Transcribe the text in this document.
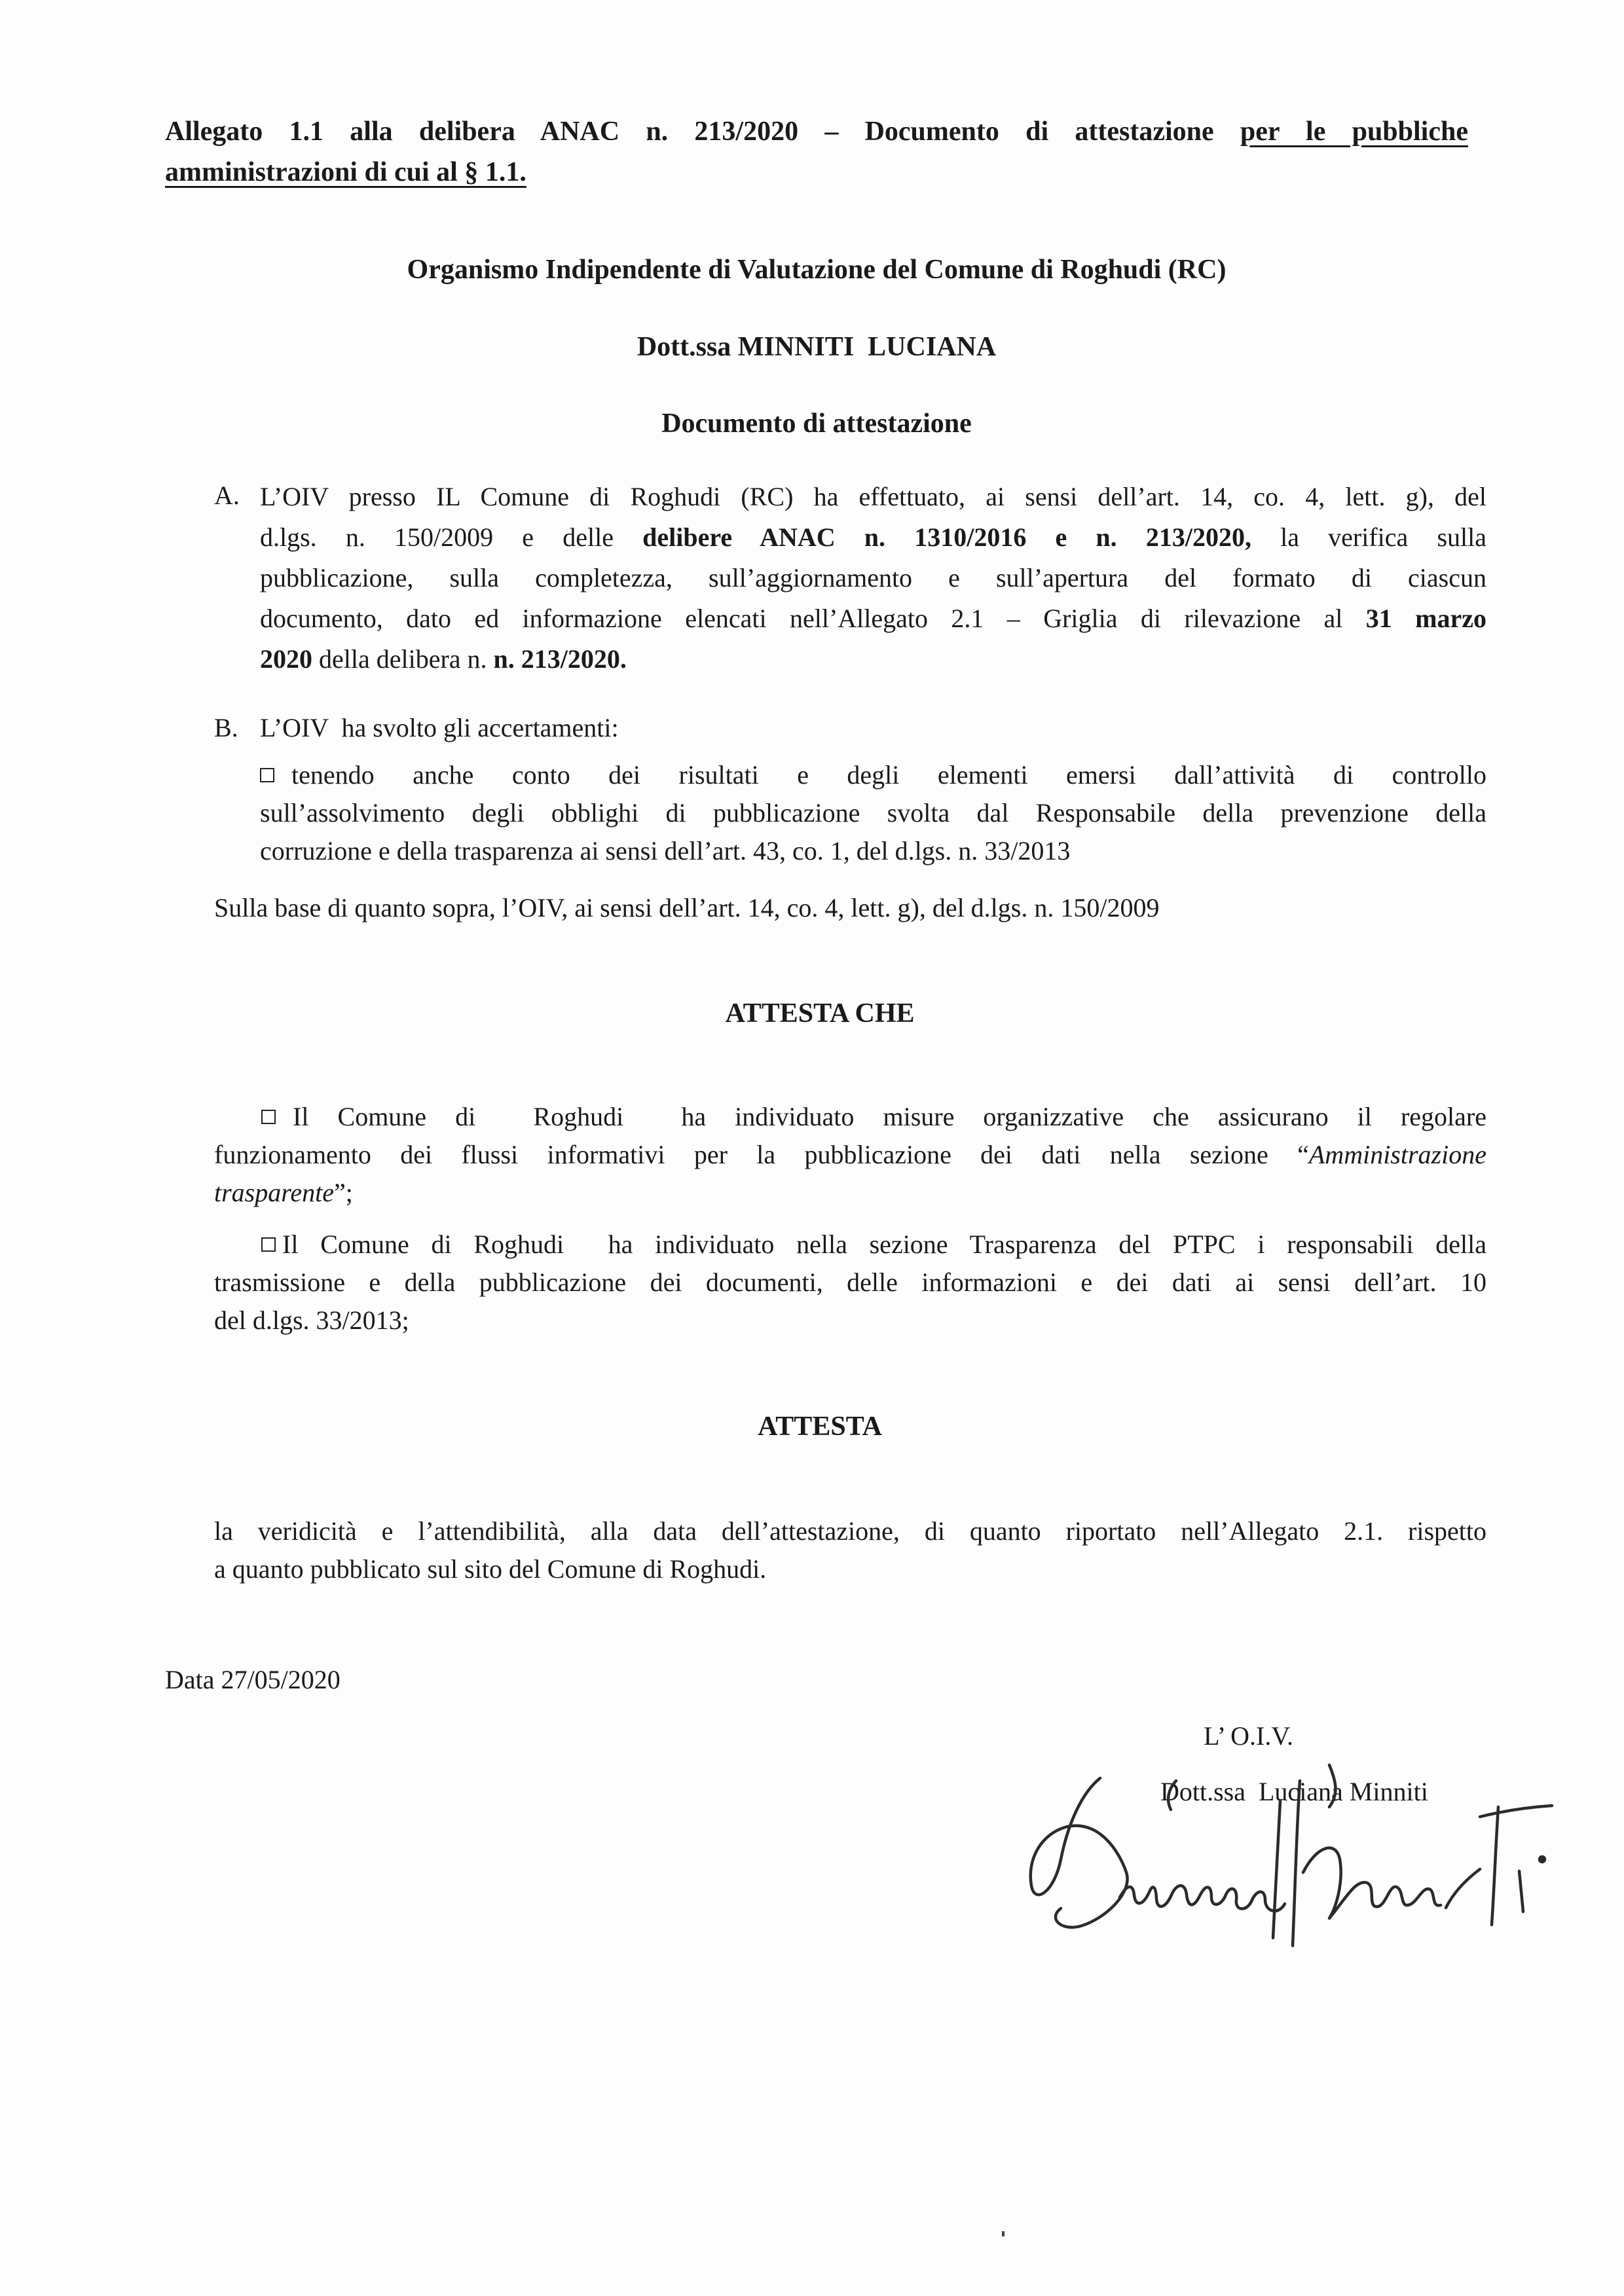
Allegato 1.1 alla delibera ANAC n. 213/2020 – Documento di attestazione per le pubbliche
amministrazioni di cui al § 1.1.
Organismo Indipendente di Valutazione del Comune di Roghudi (RC)
Dott.ssa MINNITI  LUCIANA
Documento di attestazione
A. L’OIV presso IL Comune di Roghudi (RC) ha effettuato, ai sensi dell’art. 14, co. 4, lett. g), del
d.lgs. n. 150/2009 e delle delibere ANAC n. 1310/2016 e n. 213/2020, la verifica sulla
pubblicazione, sulla completezza, sull’aggiornamento e sull’apertura del formato di ciascun
documento, dato ed informazione elencati nell’Allegato 2.1 – Griglia di rilevazione al 31 marzo
2020 della delibera n. n. 213/2020.
B. L’OIV  ha svolto gli accertamenti:
tenendo anche conto dei risultati e degli elementi emersi dall’attività di controllo
sull’assolvimento degli obblighi di pubblicazione svolta dal Responsabile della prevenzione della
corruzione e della trasparenza ai sensi dell’art. 43, co. 1, del d.lgs. n. 33/2013
Sulla base di quanto sopra, l’OIV, ai sensi dell’art. 14, co. 4, lett. g), del d.lgs. n. 150/2009
ATTESTA CHE
Il Comune di  Roghudi  ha individuato misure organizzative che assicurano il regolare
funzionamento dei flussi informativi per la pubblicazione dei dati nella sezione “Amministrazione
trasparente”;
Il Comune di Roghudi  ha individuato nella sezione Trasparenza del PTPC i responsabili della
trasmissione e della pubblicazione dei documenti, delle informazioni e dei dati ai sensi dell’art. 10
del d.lgs. 33/2013;
ATTESTA
la veridicità e l’attendibilità, alla data dell’attestazione, di quanto riportato nell’Allegato 2.1. rispetto
a quanto pubblicato sul sito del Comune di Roghudi.
Data 27/05/2020
L’ O.I.V.
Dott.ssa  Luciana Minniti
